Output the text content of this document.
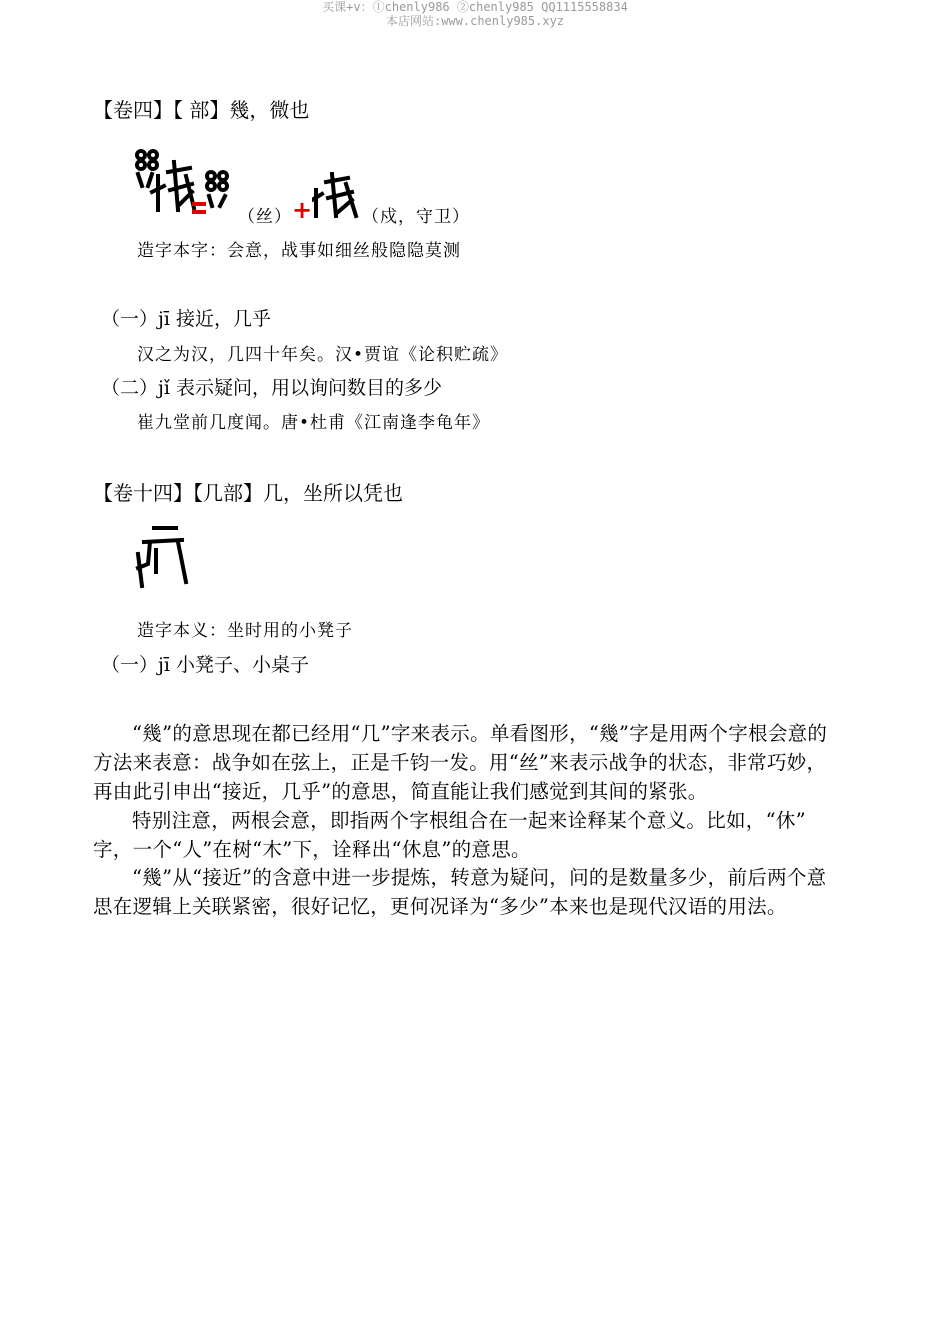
买课+v：①chenly986 ②chenly985 QQ1115558834
本店网站:www.chenly985.xyz
【卷四】【 部】幾，微也
（丝） +	（戍，守卫）
造字本字：会意，战事如细丝般隐隐莫测
（一）jī 接近，几乎
汉之为汉，几四十年矣。汉•贾谊《论积贮疏》
（二）jǐ 表示疑问，用以询问数目的多少
崔九堂前几度闻。唐•杜甫《江南逢李龟年》
【卷十四】【几部】几，坐所以凭也
造字本义：坐时用的小凳子
（一）jī 小凳子、小桌子
“幾”的意思现在都已经用“几”字来表示。单看图形，“幾”字是用两个字根会意的
方法来表意：战争如在弦上，正是千钧一发。用“丝”来表示战争的状态，非常巧妙，
再由此引申出“接近，几乎”的意思，简直能让我们感觉到其间的紧张。
特别注意，两根会意，即指两个字根组合在一起来诠释某个意义。比如，“休”
字，一个“人”在树“木”下，诠释出“休息”的意思。
“幾”从“接近”的含意中进一步提炼，转意为疑问，问的是数量多少，前后两个意
思在逻辑上关联紧密，很好记忆，更何况译为“多少”本来也是现代汉语的用法。
